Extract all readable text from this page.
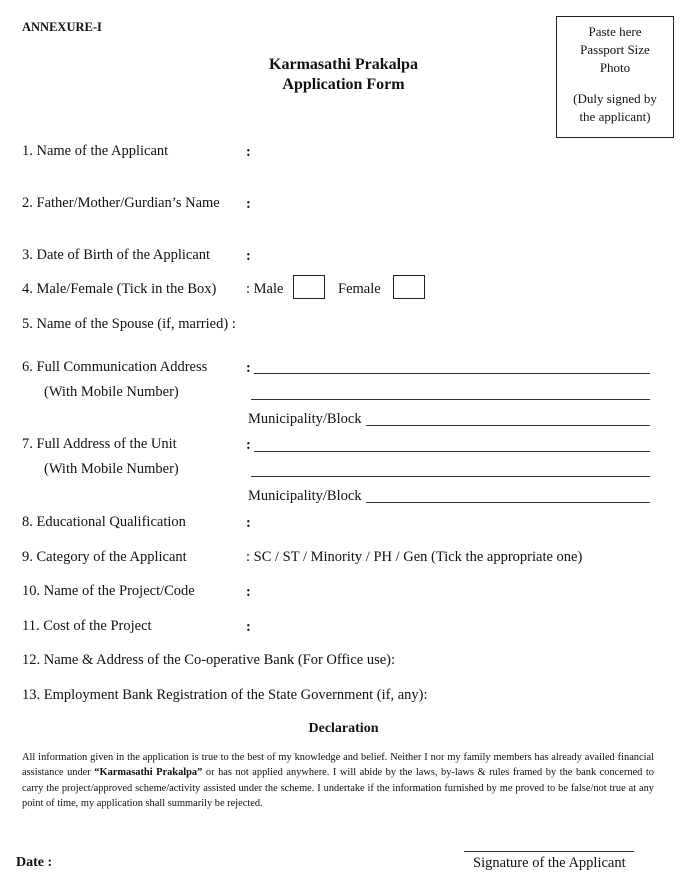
ANNEXURE-I	Paste here
Passport Size
Photo
(Duly signed by
the applicant)
Karmasathi Prakalpa
Application Form
1. Name of the Applicant	:
2. Father/Mother/Gurdian’s Name :
3. Date of Birth of the Applicant :
4. Male/Female (Tick in the Box) : Male	Female
5. Name of the Spouse (if, married) :
6. Full Communication Address	:
(With Mobile Number)
Municipality/Block
7. Full Address of the Unit	:
(With Mobile Number)
Municipality/Block
8. Educational Qualification	:
9. Category of the Applicant	: SC / ST / Minority / PH / Gen (Tick the appropriate one)
10. Name of the Project/Code	:
11. Cost of the Project	:
12. Name & Address of the Co-operative Bank (For Office use):
13. Employment Bank Registration of the State Government (if, any):
Declaration
All information given in the application is true to the best of my knowledge and belief. Neither I nor my family members has already availed financial assistance under “Karmasathi Prakalpa” or has not applied anywhere. I will abide by the laws, by-laws & rules framed by the bank concerned to carry the project/approved scheme/activity assisted under the scheme. I undertake if the information furnished by me proved to be false/not true at any point of time, my application shall summarily be rejected.
Date :	Signature of the Applicant
